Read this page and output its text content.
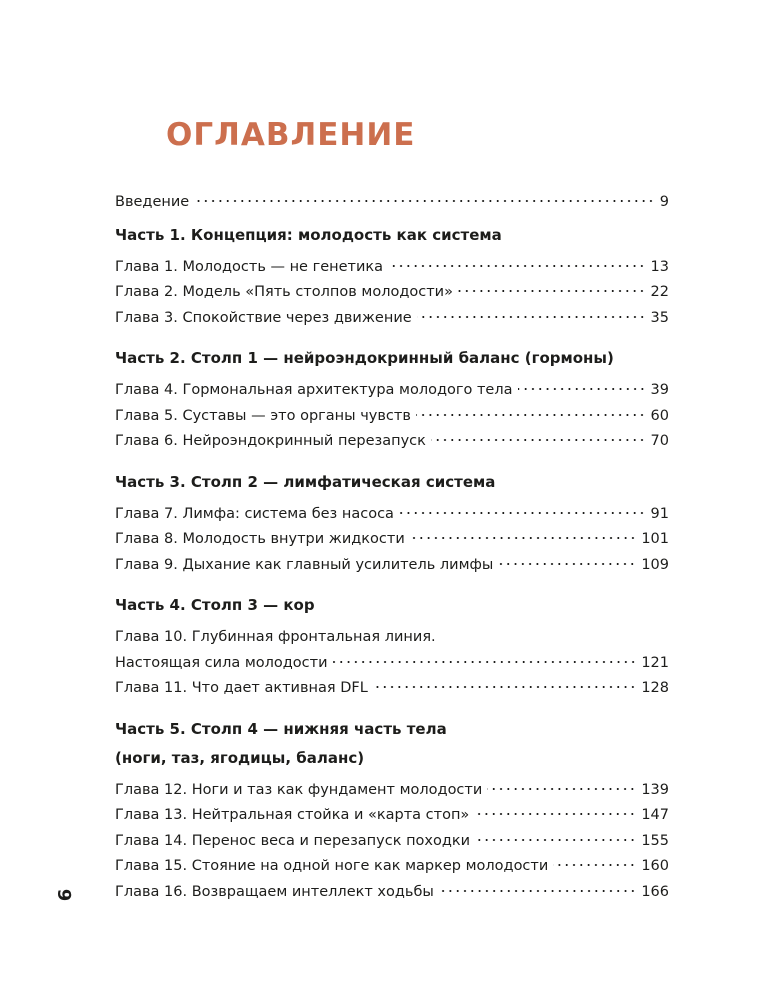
ОГЛАВЛЕНИЕ
Введение	9
Часть 1. Концепция: молодость как система
Глава 1. Молодость — не генетика	13
Глава 2. Модель «Пять столпов молодости»	22
Глава 3. Спокойствие через движение	35
Часть 2. Столп 1 — нейроэндокринный баланс (гормоны)
Глава 4. Гормональная архитектура молодого тела	39
Глава 5. Суставы — это органы чувств	60
Глава 6. Нейроэндокринный перезапуск	70
Часть 3. Столп 2 — лимфатическая система
Глава 7. Лимфа: система без насоса	91
Глава 8. Молодость внутри жидкости	101
Глава 9. Дыхание как главный усилитель лимфы	109
Часть 4. Столп 3 — кор
Глава 10. Глубинная фронтальная линия.
Настоящая сила молодости	121
Глава 11. Что дает активная DFL	128
Часть 5. Столп 4 — нижняя часть тела
(ноги, таз, ягодицы, баланс)
Глава 12. Ноги и таз как фундамент молодости	139
Глава 13. Нейтральная стойка и «карта стоп»	147
Глава 14. Перенос веса и перезапуск походки	155
Глава 15. Стояние на одной ноге как маркер молодости	160
Глава 16. Возвращаем интеллект ходьбы	166
6
